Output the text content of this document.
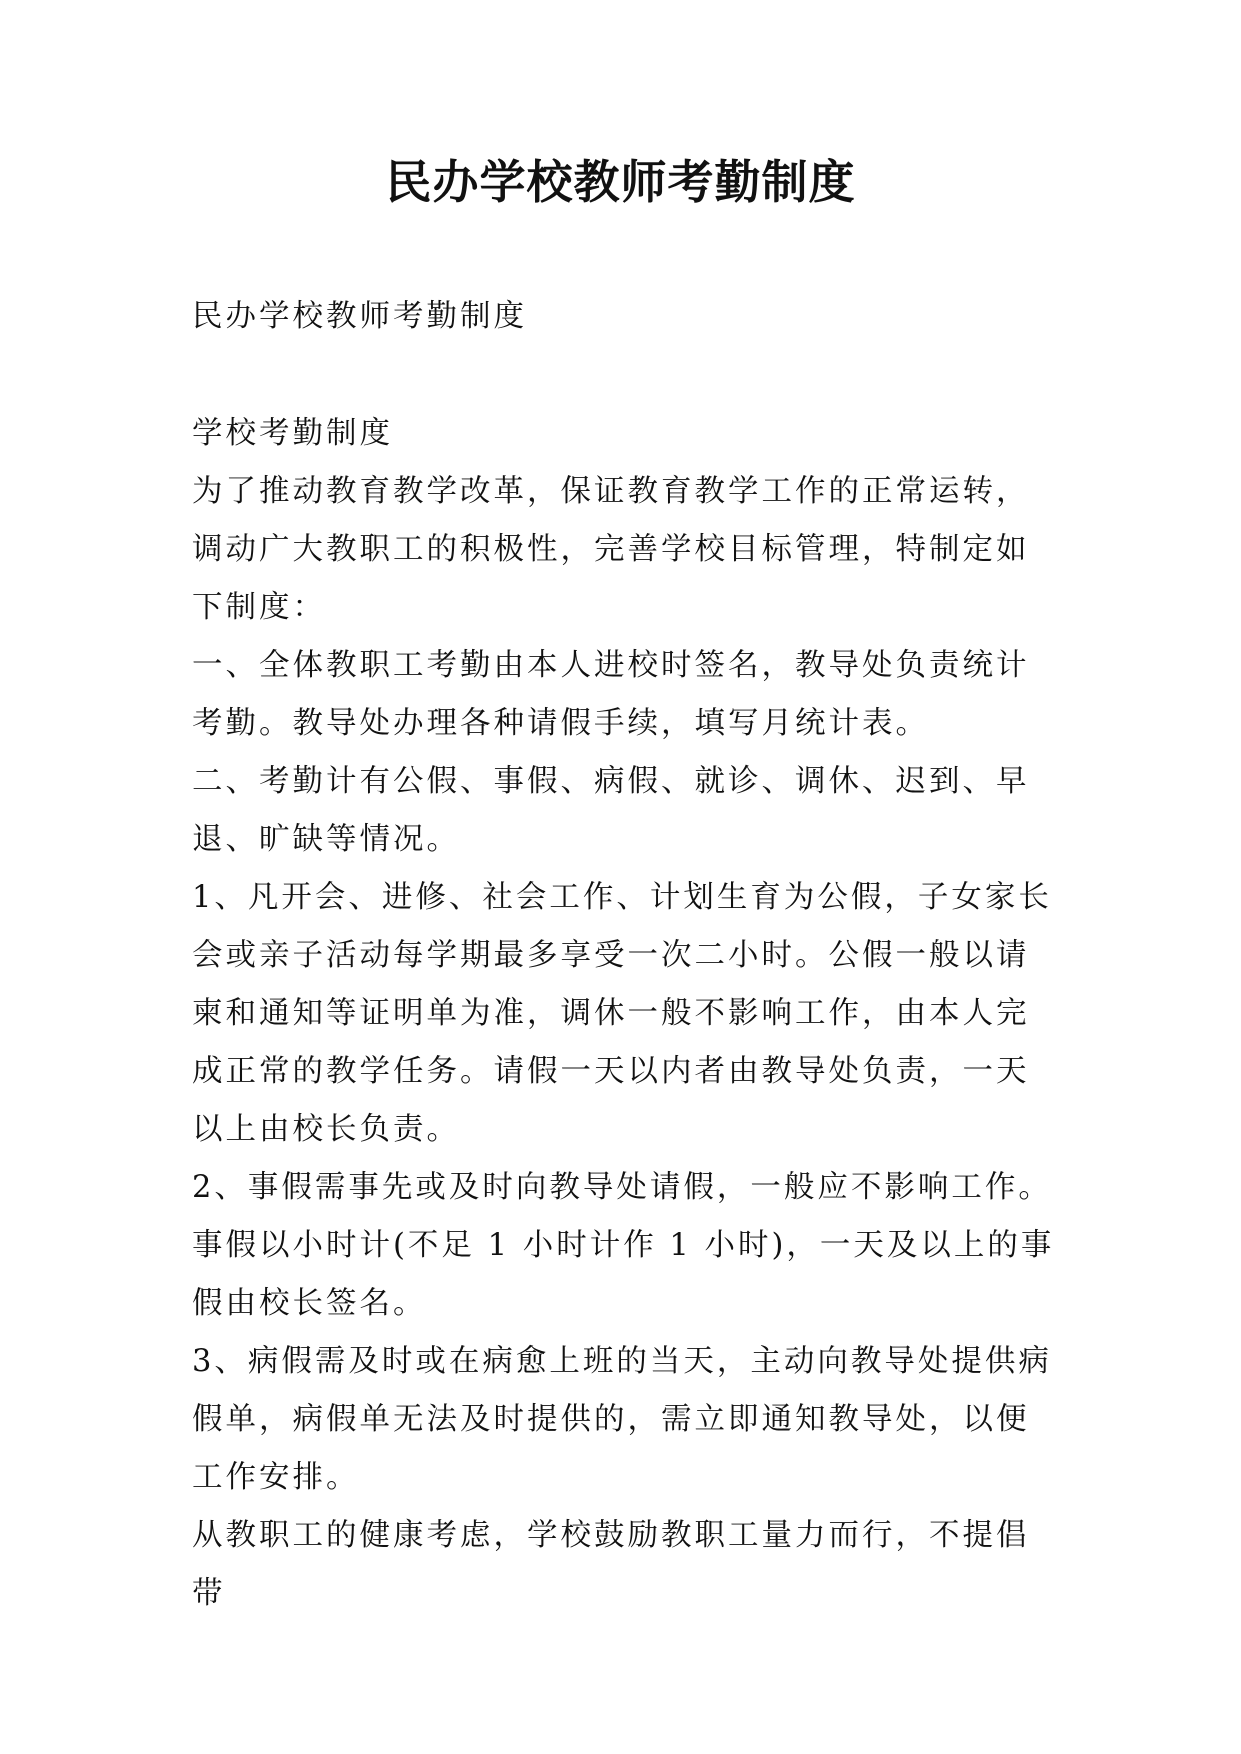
民办学校教师考勤制度
民办学校教师考勤制度

学校考勤制度

为了推动教育教学改革，保证教育教学工作的正常运转，调动广大教职工的积极性，完善学校目标管理，特制定如下制度：

一、全体教职工考勤由本人进校时签名，教导处负责统计考勤。教导处办理各种请假手续，填写月统计表。

二、考勤计有公假、事假、病假、就诊、调休、迟到、早退、旷缺等情况。

1、凡开会、进修、社会工作、计划生育为公假，子女家长会或亲子活动每学期最多享受一次二小时。公假一般以请柬和通知等证明单为准，调休一般不影响工作，由本人完成正常的教学任务。请假一天以内者由教导处负责，一天以上由校长负责。

2、事假需事先或及时向教导处请假，一般应不影响工作。事假以小时计(不足 1 小时计作 1 小时)，一天及以上的事假由校长签名。

3、病假需及时或在病愈上班的当天，主动向教导处提供病假单，病假单无法及时提供的，需立即通知教导处，以便工作安排。

从教职工的健康考虑，学校鼓励教职工量力而行，不提倡带
